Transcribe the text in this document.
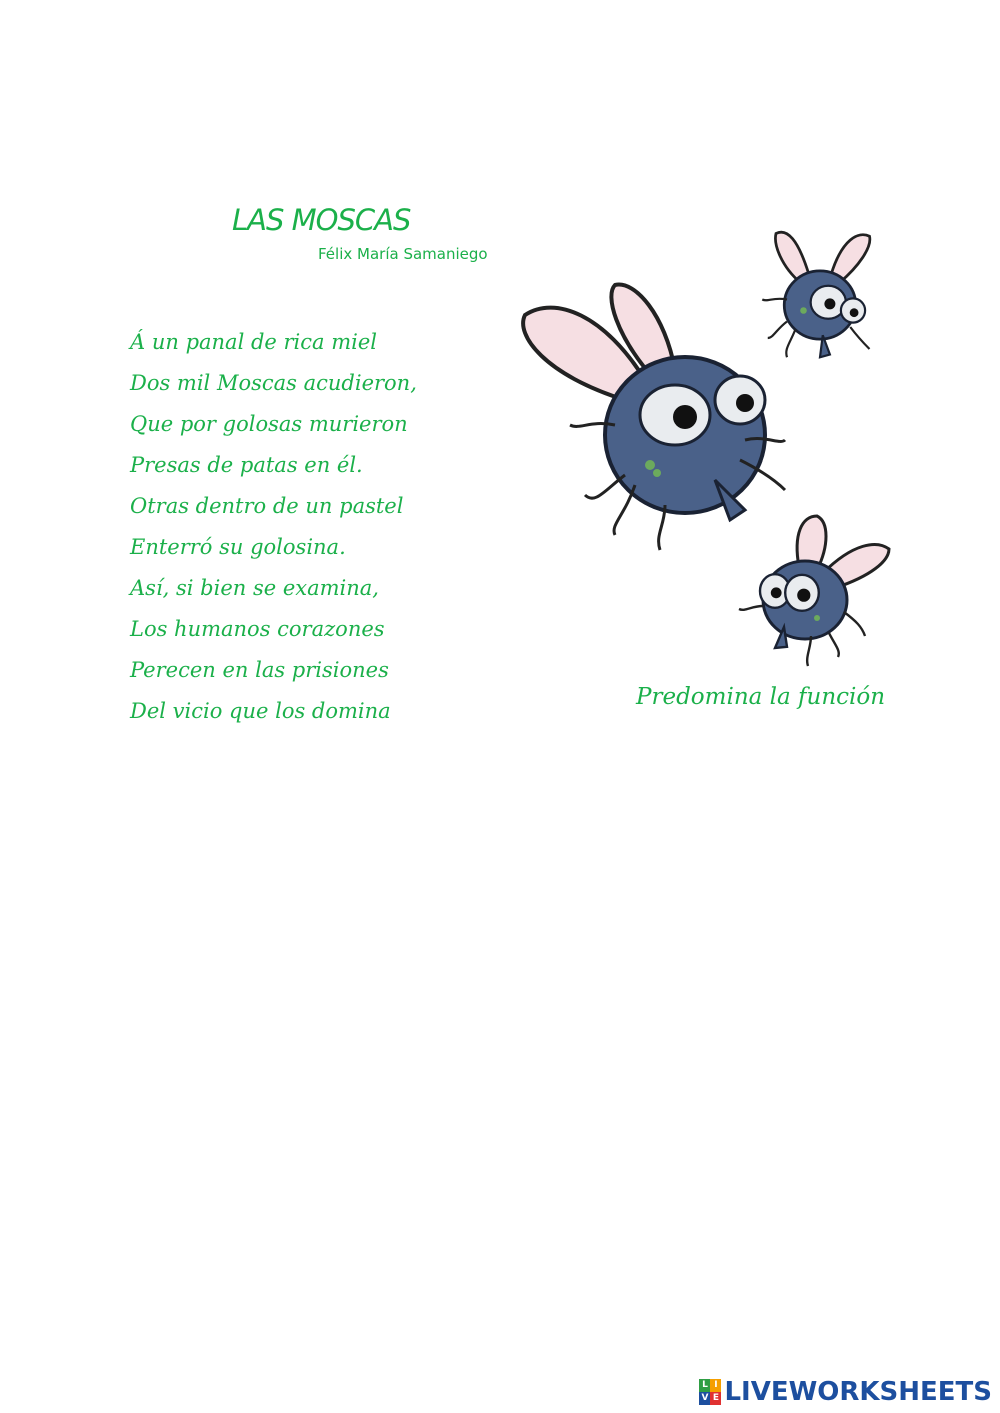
LAS MOSCAS
Félix María Samaniego
Á un panal de rica miel
Dos mil Moscas acudieron,
Que por golosas murieron
Presas de patas en él.
Otras dentro de un pastel
Enterró su golosina.
Así, si bien se examina,
Los humanos corazones
Perecen en las prisiones
Del vicio que los domina
Predomina la función
L I
V E LIVEWORKSHEETS
